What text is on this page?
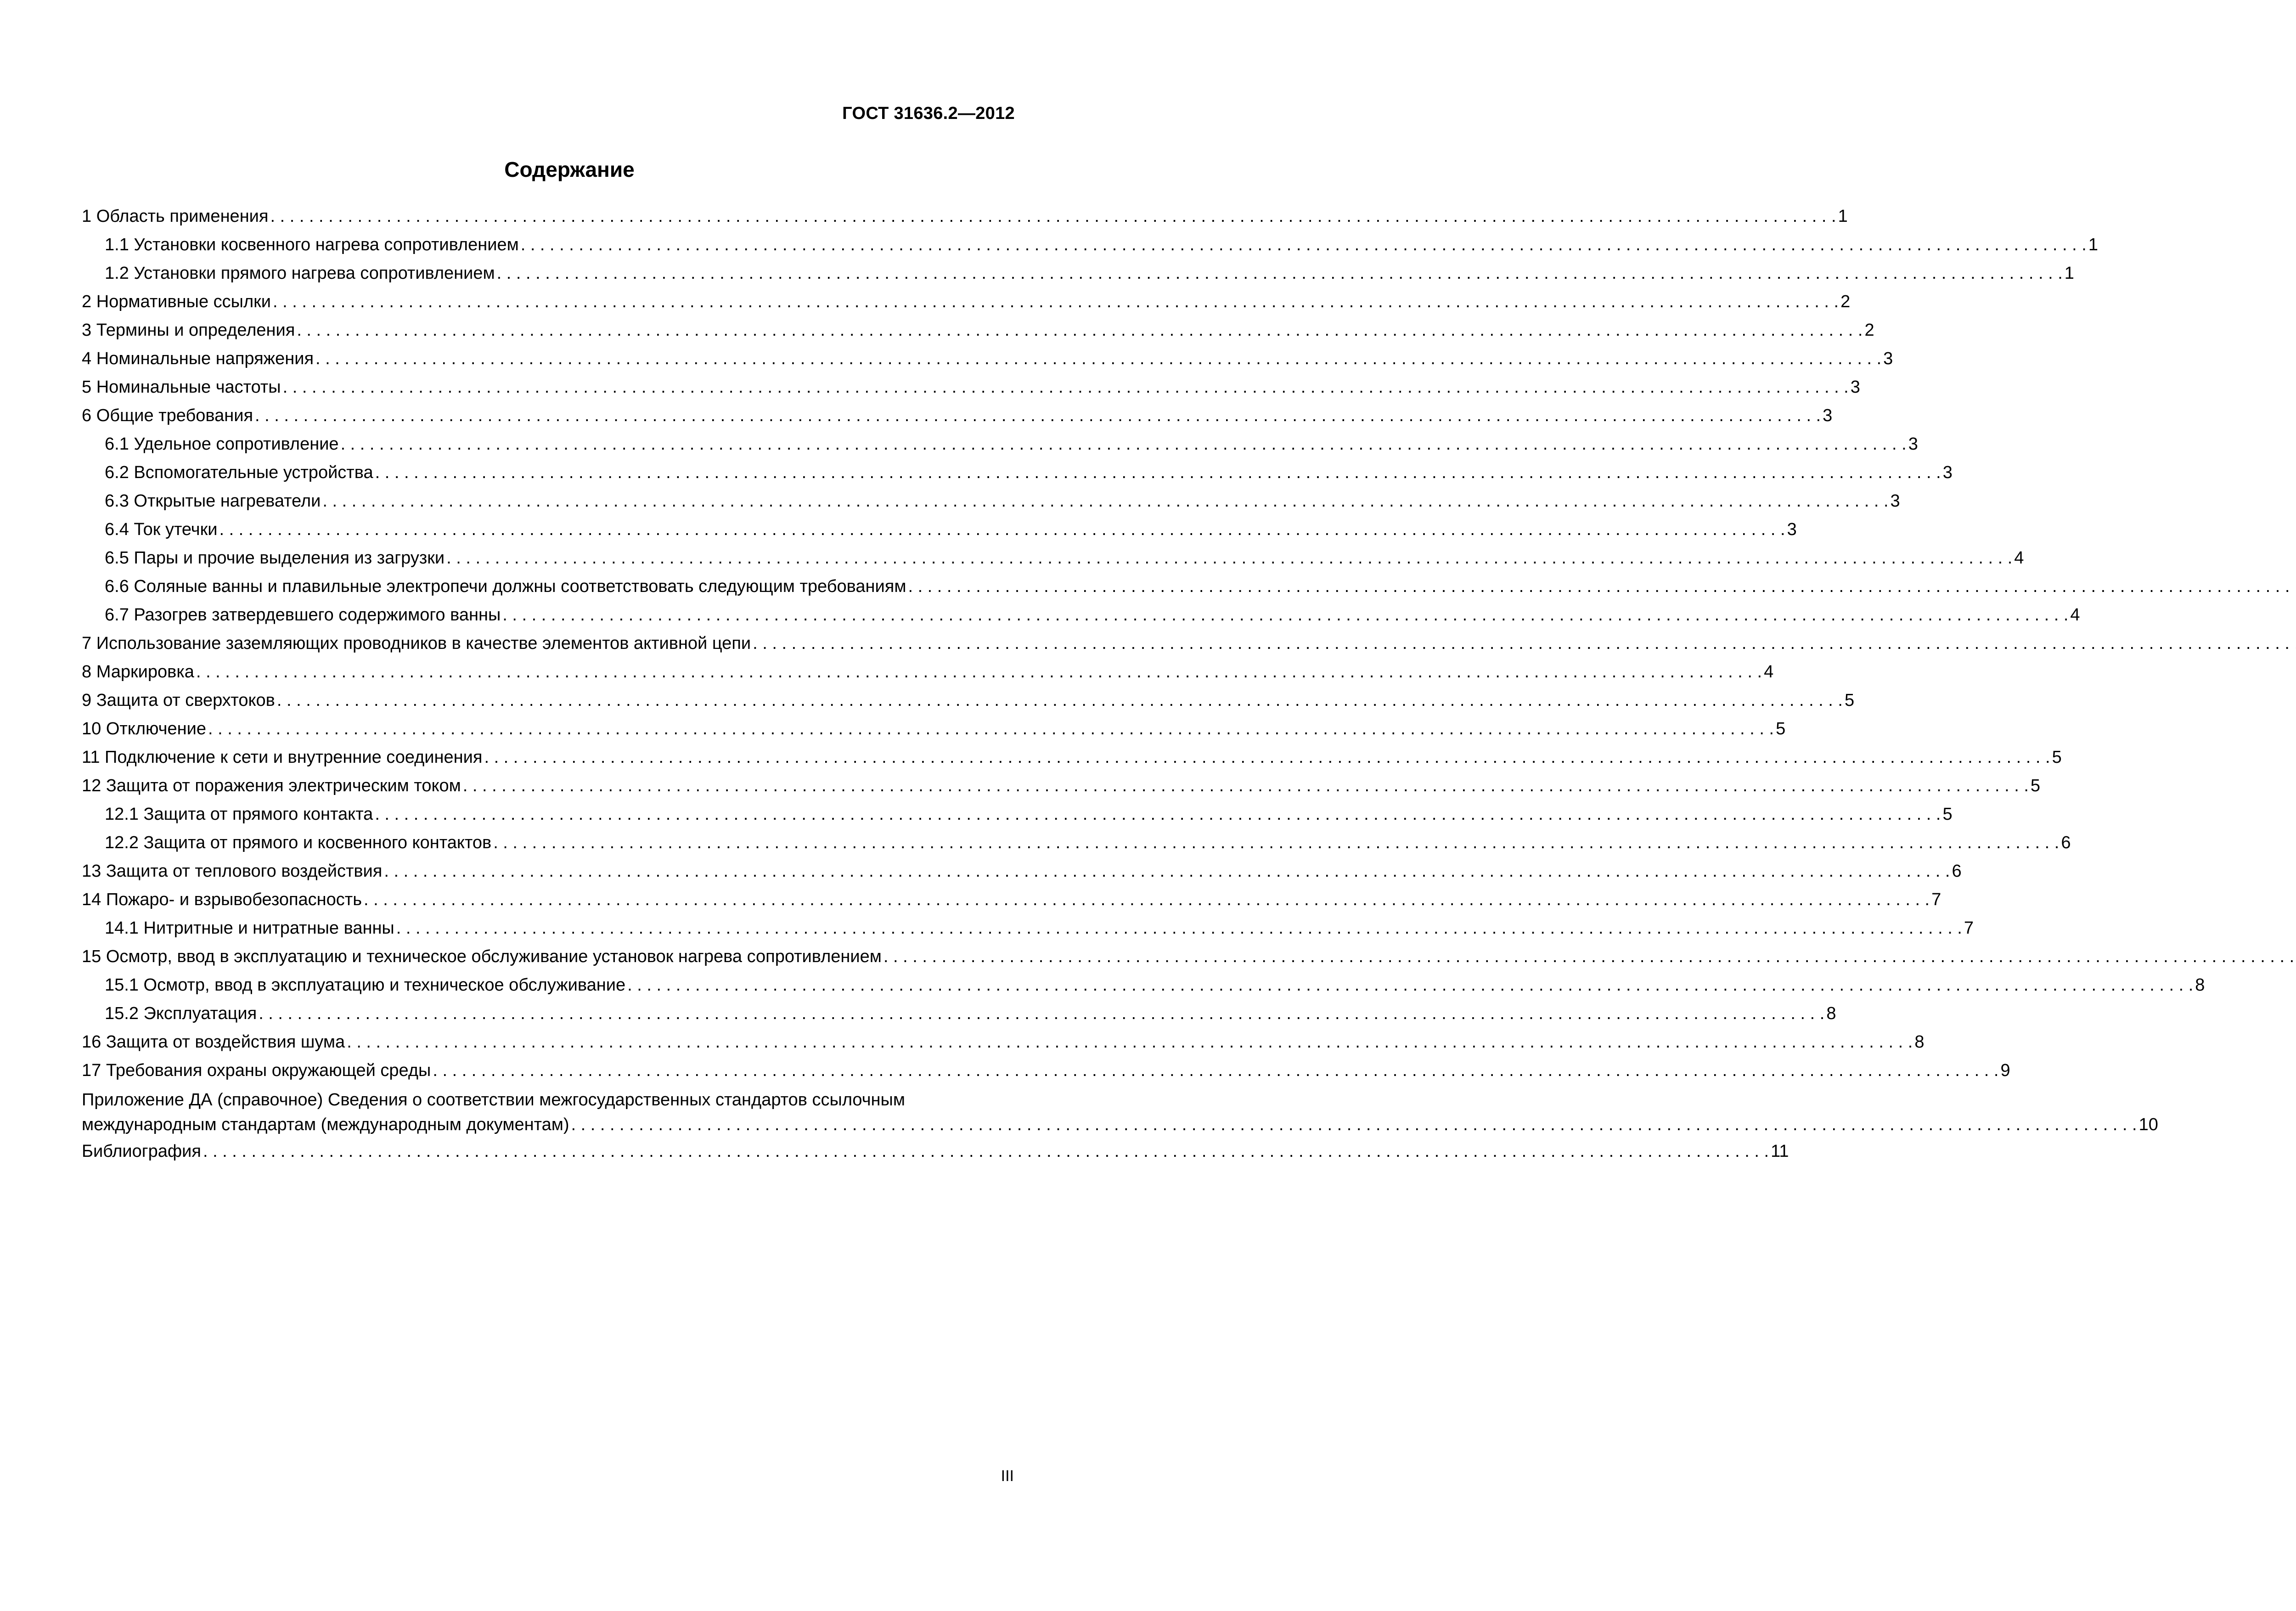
ГОСТ 31636.2—2012
Содержание
1 Область применения . . .	1
1.1 Установки косвенного нагрева сопротивлением . . .	1
1.2 Установки прямого нагрева сопротивлением . . .	1
2 Нормативные ссылки . . .	2
3 Термины и определения . . .	2
4 Номинальные напряжения . . .	3
5 Номинальные частоты . . .	3
6 Общие требования . . .	3
6.1 Удельное сопротивление . . .	3
6.2 Вспомогательные устройства . . .	3
6.3 Открытые нагреватели . . .	3
6.4 Ток утечки . . .	3
6.5 Пары и прочие выделения из загрузки . . .	4
6.6 Соляные ванны и плавильные электропечи должны соответствовать следующим требованиям
. . .
6.7 Разогрев затвердевшего содержимого ванны . . .	4
7 Использование заземляющих проводников в качестве элементов активной цепи
. . .
8 Маркировка . . .	4
9 Защита от сверхтоков . . .	5
10 Отключение . . .	5
11 Подключение к сети и внутренние соединения . . .	5
12 Защита от поражения электрическим током . . .	5
12.1 Защита от прямого контакта . . .	5
12.2 Защита от прямого и косвенного контактов . . .	6
13 Защита от теплового воздействия . . .	6
14 Пожаро- и взрывобезопасность . . .	7
14.1 Нитритные и нитратные ванны . . .	7
15 Осмотр, ввод в эксплуатацию и техническое обслуживание установок нагрева сопротивлением
. . .
15.1 Осмотр, ввод в эксплуатацию и техническое обслуживание . . .	8
15.2 Эксплуатация . . .	8
16 Защита от воздействия шума . . .	8
17 Требования охраны окружающей среды . . .	9
Приложение ДА (справочное) Сведения о соответствии межгосударственных стандартов ссылочным
международным стандартам (международным документам) . . .	10
Библиография . . .	11
III
